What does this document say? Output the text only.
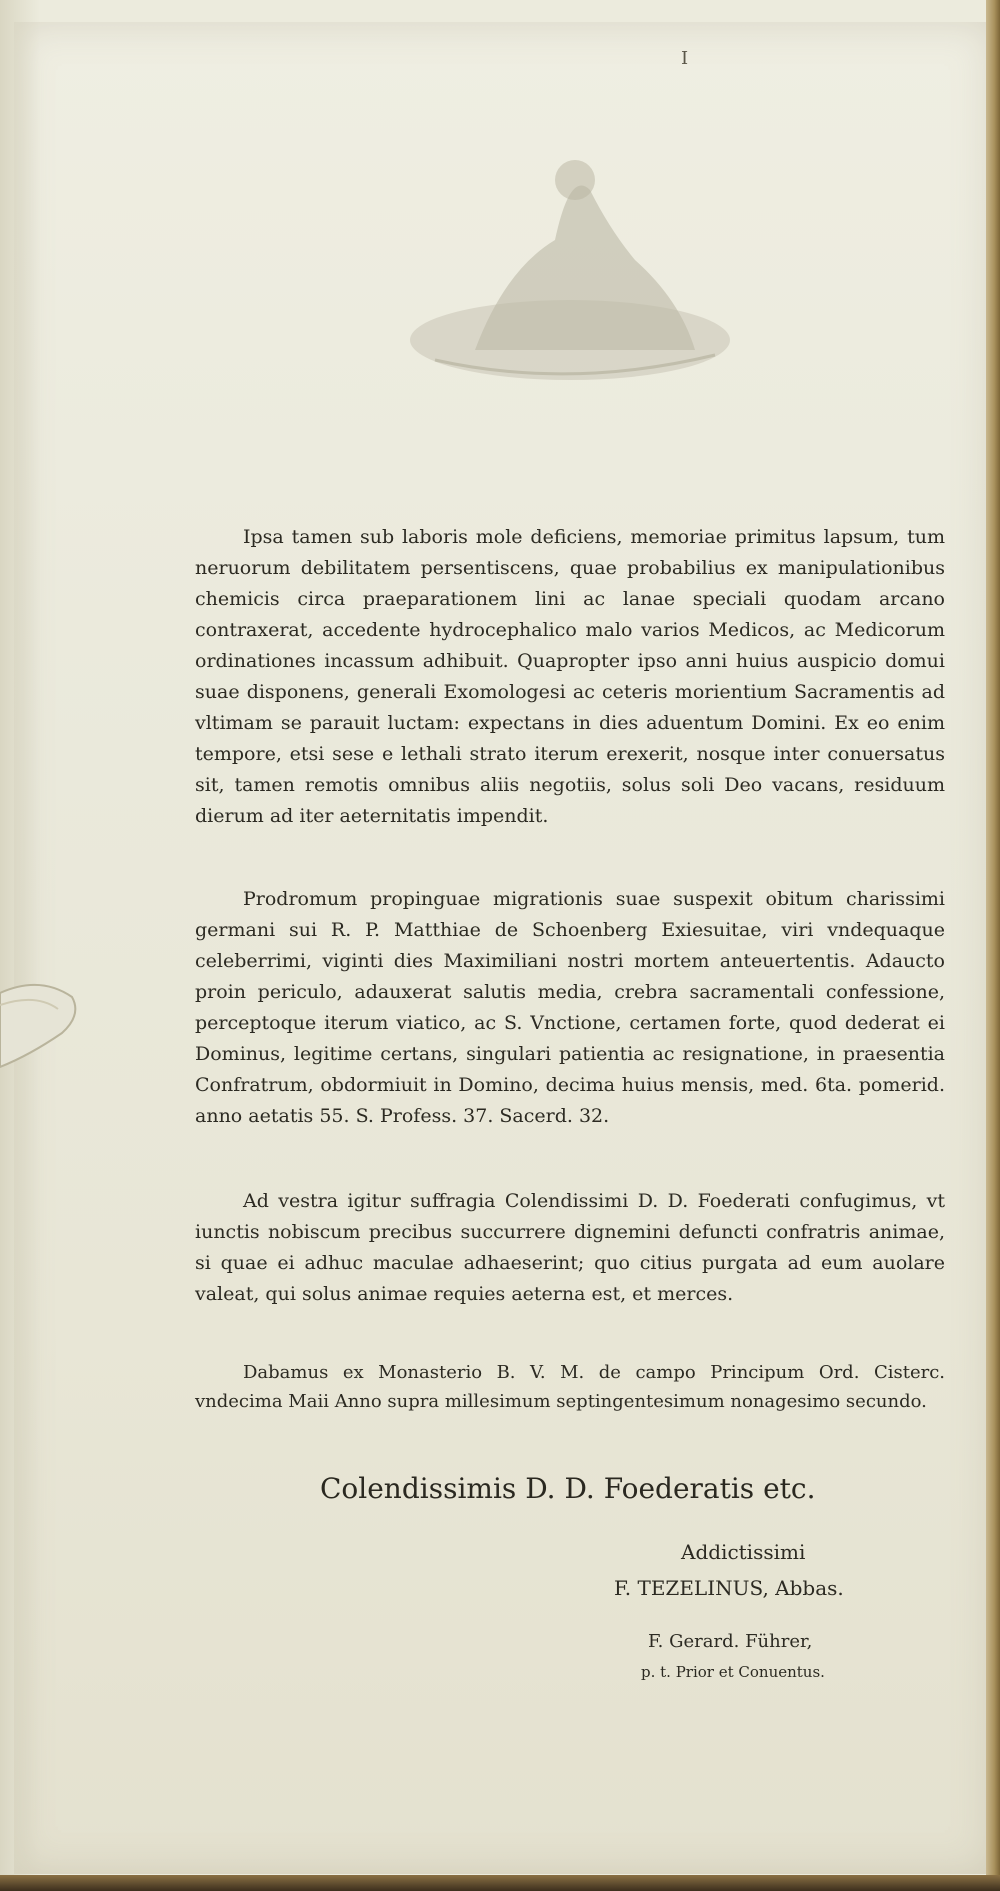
I

Ipsa tamen sub laboris mole deficiens, memoriae primitus lapsum, tum neruorum debilitatem persentiscens, quae probabilius ex manipulationibus chemicis circa praeparationem lini ac lanae speciali quodam arcano contraxerat, accedente hydrocephalico malo varios Medicos, ac Medicorum ordinationes incassum adhibuit. Quapropter ipso anni huius auspicio domui suae disponens, generali Exomologesi ac ceteris morientium Sacramentis ad vltimam se parauit luctam: expectans in dies aduentum Domini. Ex eo enim tempore, etsi sese e lethali strato iterum erexerit, nosque inter conuersatus sit, tamen remotis omnibus aliis negotiis, solus soli Deo vacans, residuum dierum ad iter aeternitatis impendit.

Prodromum propinguae migrationis suae suspexit obitum charissimi germani sui R. P. Matthiae de Schoenberg Exiesuitae, viri vndequaque celeberrimi, viginti dies Maximiliani nostri mortem anteuertentis. Adaucto proin periculo, adauxerat salutis media, crebra sacramentali confessione, perceptoque iterum viatico, ac S. Vnctione, certamen forte, quod dederat ei Dominus, legitime certans, singulari patientia ac resignatione, in praesentia Confratrum, obdormiuit in Domino, decima huius mensis, med. 6ta. pomerid. anno aetatis 55. S. Profess. 37. Sacerd. 32.

Ad vestra igitur suffragia Colendissimi D. D. Foederati confugimus, vt iunctis nobiscum precibus succurrere dignemini defuncti confratris animae, si quae ei adhuc maculae adhaeserint; quo citius purgata ad eum auolare valeat, qui solus animae requies aeterna est, et merces.

Dabamus ex Monasterio B. V. M. de campo Principum Ord. Cisterc. vndecima Maii Anno supra millesimum septingentesimum nonagesimo secundo.

Colendissimis D. D. Foederatis etc.
Addictissimi
F. TEZELINUS, Abbas.
F. Gerard. Führer,
p. t. Prior et Conuentus.
